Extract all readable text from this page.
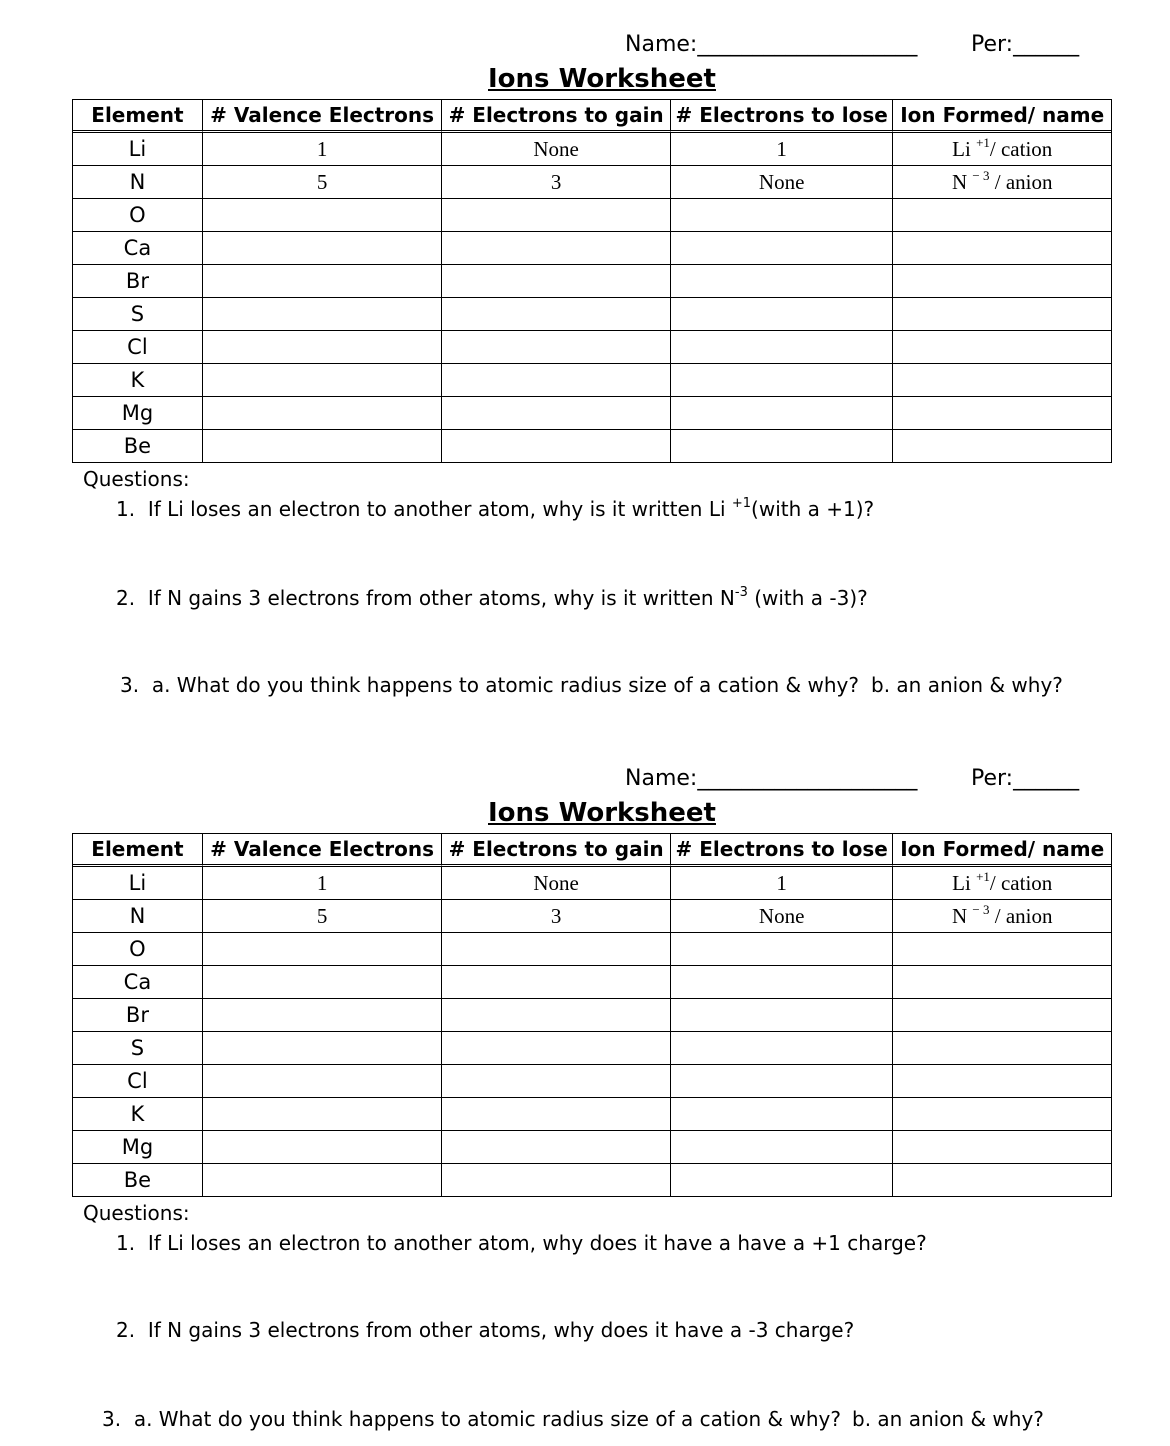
Name:____________________ Per:______
Ions Worksheet
Element	# Valence Electrons	# Electrons to gain	# Electrons to lose	Ion Formed/ name
Li	1	None	1	Li $^{+1}$/ cation
N	5	3	None	N $^{- 3}$ / anion
O				
Ca				
Br				
S				
Cl				
K				
Mg				
Be				
Questions:
1. If Li loses an electron to another atom, why is it written Li $^{+1}$(with a +1)?
2. If N gains 3 electrons from other atoms, why is it written $N^{-3}$ (with a -3)?
3. a. What do you think happens to atomic radius size of a cation & why? b. an anion & why?
Name:____________________ Per:______
Ions Worksheet
Element	# Valence Electrons	# Electrons to gain	# Electrons to lose	Ion Formed/ name
Li	1	None	1	Li $^{+1}$/ cation
N	5	3	None	N $^{- 3}$ / anion
O				
Ca				
Br				
S				
Cl				
K				
Mg				
Be				
Questions:
1. If Li loses an electron to another atom, why does it have a have a +1 charge?
2. If N gains 3 electrons from other atoms, why does it have a -3 charge?
3. a. What do you think happens to atomic radius size of a cation & why? b. an anion & why?
